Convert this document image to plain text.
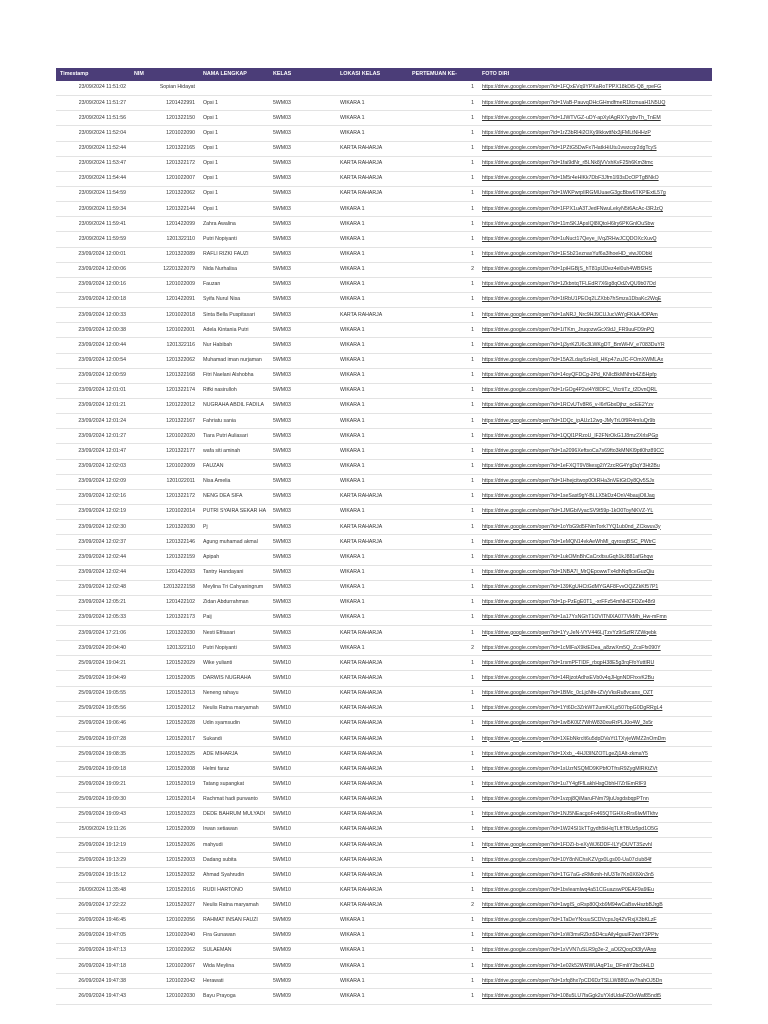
Timestamp	NIM	NAMA LENGKAP	KELAS	LOKASI KELAS	PERTEMUAN KE-	FOTO DIRI
23/09/2024 11:51:02	Sopian Hidayat				1	https://drive.google.com/open?id=1FQxEVq9YPXaRoTPPX18kDi5-Q8_rpeFG
23/09/2024 11:51:27	1201422991	Opsi 1	5WM03	WIKARA 1	1	https://drive.google.com/open?id=1VaB-PauvqDHcGHmdfmeR1ltcmuaH1N5UQ
23/09/2024 11:51:56	1201322150	Opsi 1	5WM03	WIKARA 1	1	https://drive.google.com/open?id=1JWTVGZ-uDY-apXyIAgRX7ygbvTh_TnEM
23/09/2024 11:52:04	1201022090	Opsi 1	5WM03	WIKARA 1	1	https://drive.google.com/open?id=1rZ3bRl4i2OXy9lkkwttNx3jFMLtNHHzP
23/09/2024 11:52:44	1201322165	Opsi 1	5WM03	KARTA RAHARJA	1	https://drive.google.com/open?id=1PZtG5DwFx7HatkHiUtu1vwzcqr2dgTcyS
23/09/2024 11:53:47	1201322172	Opsi 1	5WM03	KARTA RAHARJA	1	https://drive.google.com/open?id=1fai9dNr_rBLNk8jVVxhKvF25h6Km3tmc
23/09/2024 11:54:44	1201022007	Opsi 1	5WM03	KARTA RAHARJA	1	https://drive.google.com/open?id=1M5r4eHlKk7DbF3Jfm1l93sDcOPTgBNkO
23/09/2024 11:54:59	1201322062	Opsi 1	5WM03	KARTA RAHARJA	1	https://drive.google.com/open?id=1WKPwrpIlRGMUuaeG3gcBbw6TKPlExtL57g
23/09/2024 11:59:34	1201322144	Opsi 1	5WM03	WIKARA 1	1	https://drive.google.com/open?id=1FPX1uA3TJedFNwuLekyN5t6AcAc-l3RJzQ
23/09/2024 11:59:41	1201422099	Zahra Awalina	5WM03	WIKARA 1	1	https://drive.google.com/open?id=11mSKJApsIQl8lQtoH6lry6PKGnlOuSbw
23/09/2024 11:59:59	1201322110	Putri Nopiyanti	5WM03	WIKARA 1	1	https://drive.google.com/open?id=1uNuct17Qeye_iVqZRHwJCQDOXcXuvQ
23/09/2024 12:00:01	1201322089	RAFLI RIZKI FAUZI	5WM03	WIKARA 1	1	https://drive.google.com/open?id=1ESb21eznaxYuf6a3lhoeHD_viwJ0Obkl
23/09/2024 12:00:06	12201322079	Nida Nurhalisa	5WM03	WIKARA 1	2	https://drive.google.com/open?id=1piHGBjS_hT81pIJDez4el0uh4WBf2HS
23/09/2024 12:00:16	1201022009	Fauzan	5WM03	WIKARA 1	1	https://drive.google.com/open?id=1ZkbntqTFLEdR7X6ig8qOdZvQU9b07Dd
23/09/2024 12:00:18	1201422091	Syifa Nurul Nisa	5WM03	WIKARA 1	1	https://drive.google.com/open?id=1tRbU1PEOq2LZXbb7hSmza1DbaKc2WqE
23/09/2024 12:00:33	1201022018	Sinta Bella Puspitasari	5WM03	KARTA RAHARJA	1	https://drive.google.com/open?id=1aNRJ_Nrc9HJ9CUJucVAYgFKkA-fOPAm
23/09/2024 12:00:38	1201022001	Adela Kintania Putri	5WM03	WIKARA 1	1	https://drive.google.com/open?id=1iTKm_JruqozwGcX9dJ_FR9uuFD9nPQ
23/09/2024 12:00:44	1201322116	Nur Habibah	5WM03	WIKARA 1	1	https://drive.google.com/open?id=1j3yrKZU6c3LWKgDT_BmWHV_e7083DuYR
23/09/2024 12:00:54	1201322062	Muhamad iman nurjaman	5WM03	WIKARA 1	1	https://drive.google.com/open?id=15A2Lday5zHoll_HKp47zuJC-FOmXWMLAx
23/09/2024 12:00:59	1201322168	Fitri Naelani Alshobha	5WM03	WIKARA 1	1	https://drive.google.com/open?id=14oyQFDCg-2Pd_KNIcBkMNhrb4Zi5Hpfp
23/09/2024 12:01:01	1201322174	Rifki nasirulloh	5WM03	WIKARA 1	1	https://drive.google.com/open?id=1rGOg4P2vt4Y8lDFC_VtcriiTz_t2DvnQRL
23/09/2024 12:01:21	1201222012	NUGRAHA ABDIL FADILA	5WM03	WIKARA 1	1	https://drive.google.com/open?id=1RCvUTv8R6_v-I6rfGbxDjhz_ocEE2Yzv
23/09/2024 12:01:24	1201322167	Fahriatu sania	5WM03	WIKARA 1	1	https://drive.google.com/open?id=1DQc_ipAUz12wg-JMyTrL0f9R4mIuQr9b
23/09/2024 12:01:27	1201022020	Tiara Putri Auliasari	5WM03	WIKARA 1	1	https://drive.google.com/open?id=1QQl1PRzoU_lF2FNrOkG1J8mz2XrlsPGp
23/09/2024 12:01:47	1201322177	wafa siti aminah	5WM03	WIKARA 1	1	https://drive.google.com/open?id=1a2096XeftsoCa7s69fto3kMNKl9ptl0hz89CC
23/09/2024 12:02:03	1201022009	FAUZAN	5WM03	WIKARA 1	1	https://drive.google.com/open?id=1eFXQT9V8kesg2iY2zcRG4YgDqY3Ht2Bu
23/09/2024 12:02:09	1201022011	Nisa Amelia	5WM03	WIKARA 1	1	https://drive.google.com/open?id=1Hhejcitwop0OtRHa3nVEtGtOy8Qv5SJx
23/09/2024 12:02:16	1201322172	NENG DEA SIFA	5WM03	KARTA RAHARJA	1	https://drive.google.com/open?id=1seSast9gY-BLLX5kDz4OnV4baujOlIJaq
23/09/2024 12:02:19	1201022014	PUTRI SYAIRA SEKAR HA	5WM03	WIKARA 1	1	https://drive.google.com/open?id=1JMGbiVyacSV9t59p-1kO0ToyNKVZ-YL
23/09/2024 12:02:30	1201322030	Pj	5WM03	KARTA RAHARJA	1	https://drive.google.com/open?id=1oYbG9d5FNmTork7YQ1ub0nd_ZCkwuv3y
23/09/2024 12:02:37	1201322146	Agung muhamad akmal	5WM03	KARTA RAHARJA	1	https://drive.google.com/open?id=1eMQN14vkAeWhMl_qyrosqBSC_PWtrC
23/09/2024 12:02:44	1201322159	Apipah	5WM03	WIKARA 1	1	https://drive.google.com/open?id=1ukOMnBhCaCrxltsuGqh1kJ881afGhqw
23/09/2024 12:02:44	1201422093	Tantry Handayani	5WM03	WIKARA 1	1	https://drive.google.com/open?id=1NBA7l_MrQEpowwTx4dhNqfIceGuzQiu
23/09/2024 12:02:48	12013222158	Meylina Tri Cahyaningrum	5WM03	WIKARA 1	1	https://drive.google.com/open?id=139KgUHCtGdMYGAF8FvvOQZZkKf57P1
23/09/2024 12:05:21	1201422102	Zidan Abdurrahman	5WM03	WIKARA 1	1	https://drive.google.com/open?id=1p-PzEgE0T1_-xrFFz54mNHCFOZe48r9
23/09/2024 12:05:33	1201322173	Paij	5WM03	WIKARA 1	1	https://drive.google.com/open?id=1a17YsNGhT1OVlTNlXA077VkMh_Hw-mFmn
23/09/2024 17:21:06	1201322030	Nesti Efitasari	5WM03	KARTA RAHARJA	1	https://drive.google.com/open?id=1Yy.JeN-VYV446LjTzvYz9rSzfR7ZWqebk
23/09/2024 20:04:40	1201322110	Putri Nopiyanti	5WM03	WIKARA 1	2	https://drive.google.com/open?id=1cMlFaX9ktEDea_a8zwXm5Q_ZcsFfx090Y
25/09/2024 19:04:21	1201522029	Wike yulianti	5WM10	KARTA RAHARJA	1	https://drive.google.com/open?id=1rsmPFTlDF_rbqpH38E5g3rqFfoYuttIRU
25/09/2024 19:04:49	1201522005	DARWIS NUGRAHA	5WM10	KARTA RAHARJA	1	https://drive.google.com/open?id=14RjzotAdhxEVb0v4qJHgnNDFhxvK2Bu
25/09/2024 19:05:55	1201522013	Neneng rahayu	5WM10	KARTA RAHARJA	1	https://drive.google.com/open?id=1BMc_0cLjcNfe-iZVyVksRu8vcans_OZT
25/09/2024 19:05:56	1201522012	Neulis Ratna maryamah	5WM10	KARTA RAHARJA	1	https://drive.google.com/open?id=1Yt6Dc3ZrkWT2umKXLp507bpG0DgRRgL4
25/09/2024 19:06:46	1201522028	Udin syamsudin	5WM10	KARTA RAHARJA	1	https://drive.google.com/open?id=1wl5K0lZ7WhW830xwRrPLJ0o4W_3s5r
25/09/2024 19:07:28	1201522017	Sukandi	5WM10	KARTA RAHARJA	1	https://drive.google.com/open?id=1XEbNkrclt6u5dpDVaYt1TXyjeWMZ2nOmDm
25/09/2024 19:08:35	1201522025	ADE MIHARJA	5WM10	KARTA RAHARJA	1	https://drive.google.com/open?id=1Xxb_-4HJI3INZOTLgeZj1Alt-zkmaY5
25/09/2024 19:09:18	1201522008	Helmi faraz	5WM10	KARTA RAHARJA	1	https://drive.google.com/open?id=1sUzrNSQMD9KPbfOTfrsR9ZygMlRKtZVt
25/09/2024 19:09:21	1201522019	Tatang supangkat	5WM10	KARTA RAHARJA	1	https://drive.google.com/open?id=1u7Y4gfFfLakhHsgObhH7ZrIEmRIF9
25/09/2024 19:09:30	1201522014	Rachmat hadi purwanto	5WM10	KARTA RAHARJA	1	https://drive.google.com/open?id=1vzpj8QiMaruFNm79juUsgdsbqpPTnn
25/09/2024 19:09:43	1201522023	DEDE BAHRUM MULYADI	5WM10	KARTA RAHARJA	1	https://drive.google.com/open?id=1NJ5NEacgoFn465QTGHXoRrs6lwMTkhv
25/09/2024 19:11:26	1201522009	Irwan setiawan	5WM10	KARTA RAHARJA	1	https://drive.google.com/open?id=1W24SI1kTTgydh5kHqTLftTBUz5pd1O5G
25/09/2024 19:12:19	1201522026	mahyudi	5WM10	KARTA RAHARJA	1	https://drive.google.com/open?id=1FDZi-b-eXyWJ6DDF-ILYyDUVT3Szvhl
25/09/2024 19:13:29	1201522003	Dadang subita	5WM10	KARTA RAHARJA	1	https://drive.google.com/open?id=10Y8nNChsKZVgx0Lgs00-Ua07club84f
25/09/2024 19:15:12	1201522032	Ahmad Syahrudin	5WM10	KARTA RAHARJA	1	https://drive.google.com/open?id=1TG7aG-zRMkmh-h/U3Te7Kn0X6Xn3n5
26/09/2024 11:35:48	1201522016	RUDI HARTONO	5WM10	KARTA RAHARJA	1	https://drive.google.com/open?id=1bvleamlwq4a51CGuazswP0EAF9a9lEu
26/09/2024 17:22:22	1201522027	Neulis Ratna maryamah	5WM10	KARTA RAHARJA	2	https://drive.google.com/open?id=1wgIS_oRsp80Qxb9M94wCaBsvHszbBJrgB
26/09/2024 19:46:45	1201022056	RAHMAT INSAN FAUZI	5WM09	WIKARA 1	1	https://drive.google.com/open?id=1TaDeYNxuuSCDVcpsJq42VRxjX3bKLzF
26/09/2024 19:47:05	1201022040	Fira Gunawan	5WM09	WIKARA 1	1	https://drive.google.com/open?id=1xW3mvRZkn5D4cuAily4guulF2wnY3PPtv
26/09/2024 19:47:13	1201022062	SULAEMAN	5WM09	WIKARA 1	1	https://drive.google.com/open?id=1xVVN7uSLR9g3e-2_aOl2QoqOt3lyVAnp
26/09/2024 19:47:18	1201022067	Wida Meylina	5WM09	WIKARA 1	1	https://drive.google.com/open?id=1e02k52WRWUAqP1u_DFmliY2bc0HLD
26/09/2024 19:47:38	1201022042	Herawati	5WM09	WIKARA 1	1	https://drive.google.com/open?id=1xfq8hx7pCD6DzTSLLW88fZuw7hahOJ5Dn
26/09/2024 19:47:43	1201022030	Bayu Prayoga	5WM09	WIKARA 1	1	https://drive.google.com/open?id=108u5LU7faGgk2uYXdUdaFZOoWaf85ndt5
